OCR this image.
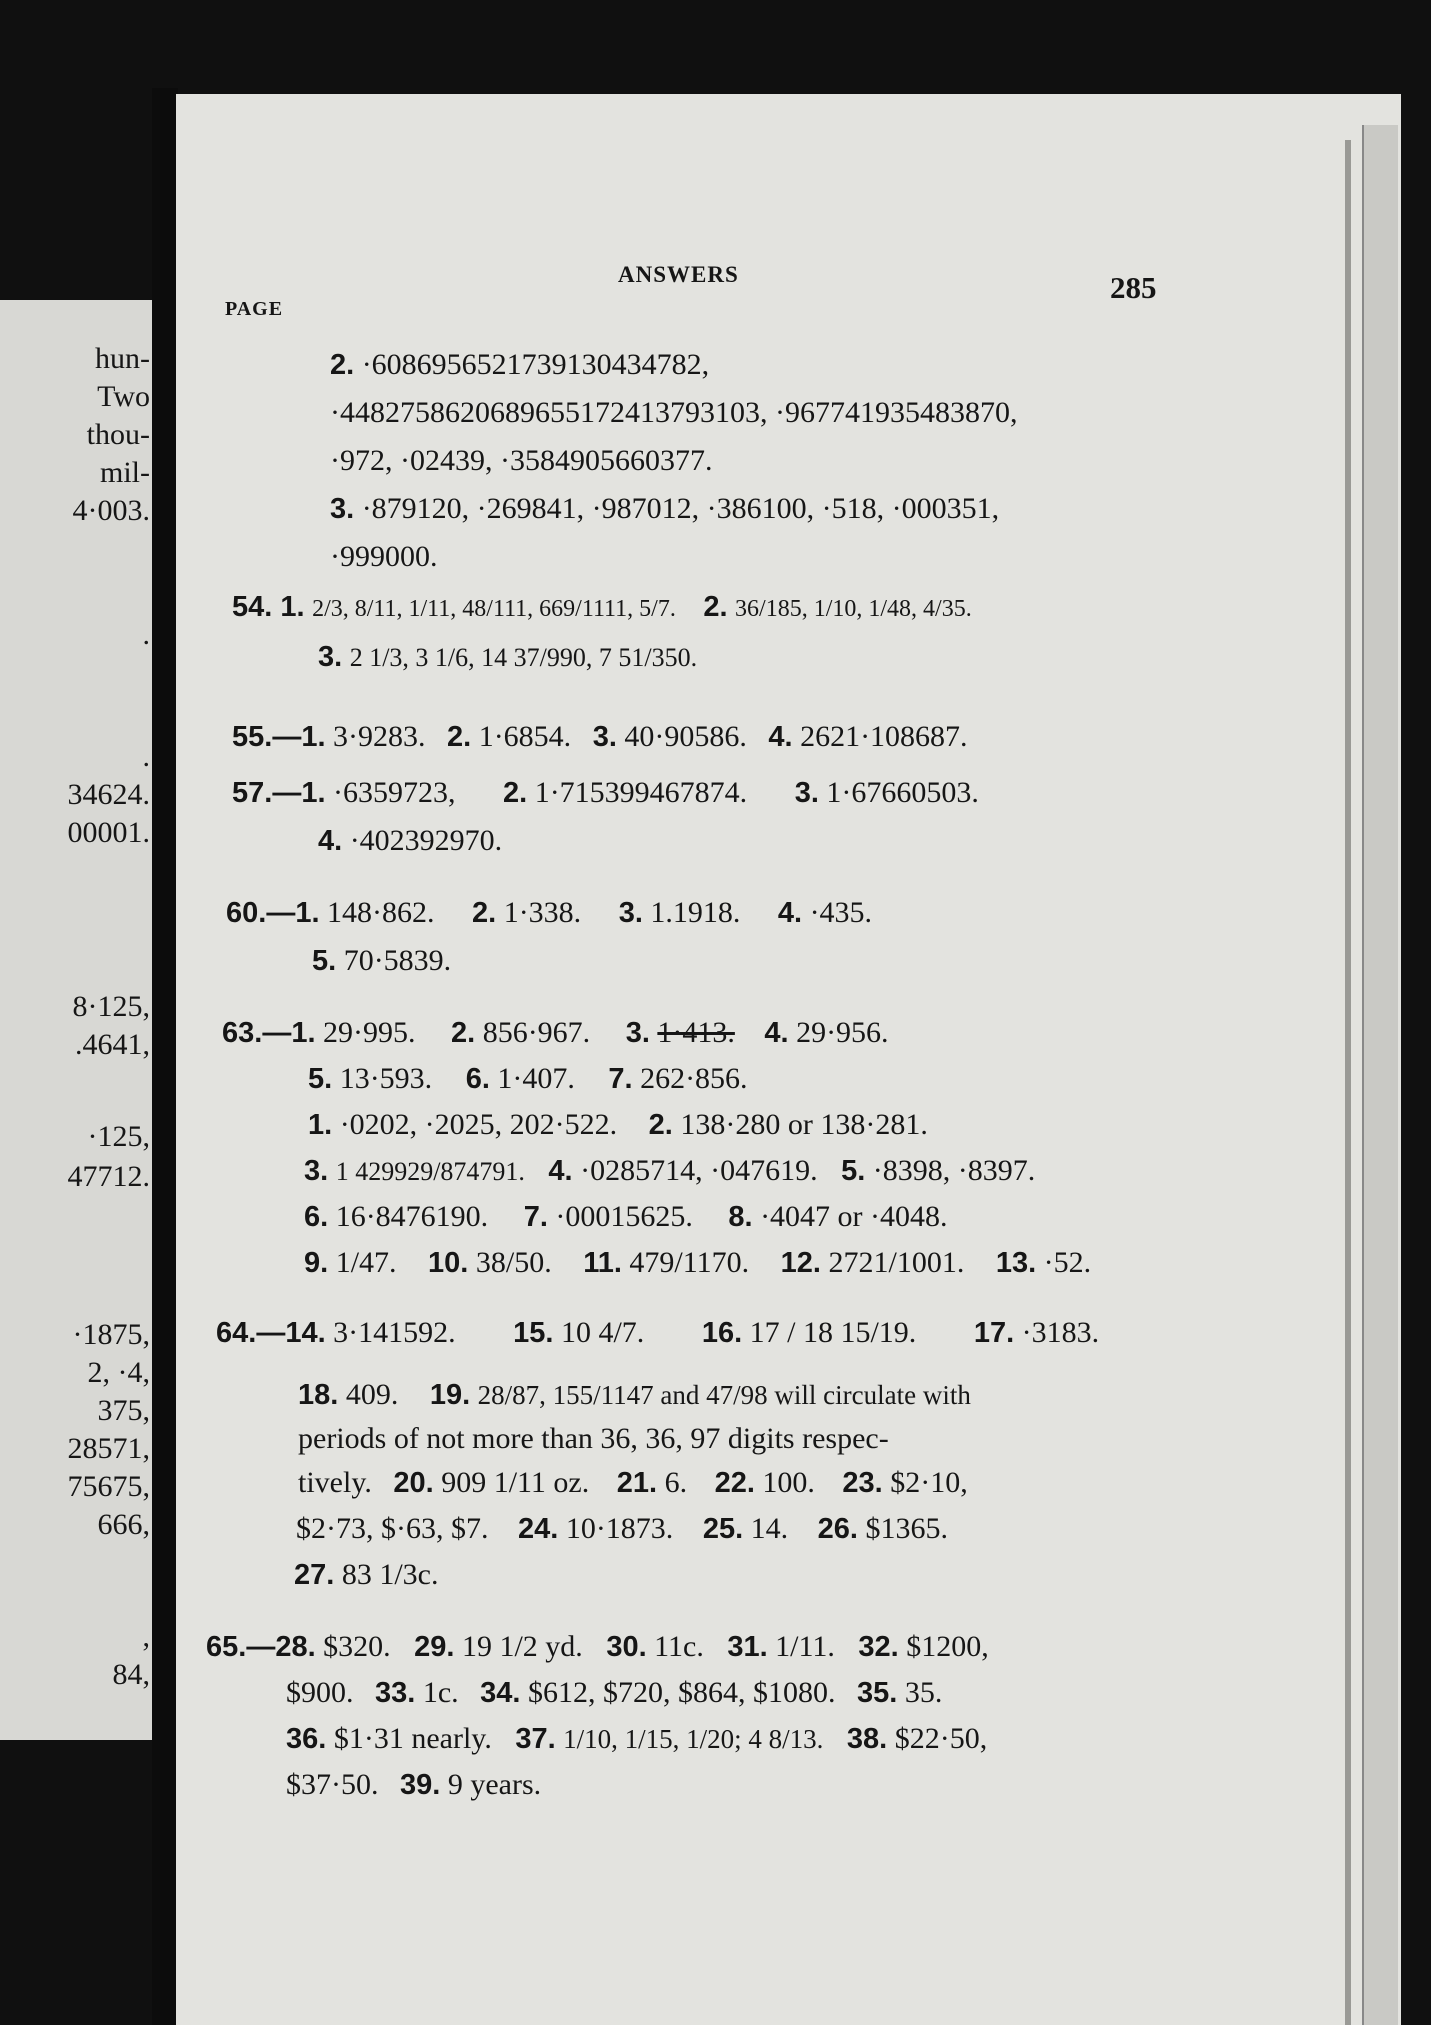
hun-
Two
thou-
mil-
4·003.
.
.
34624.
00001.
8·125,
.4641,
·125,
47712.
·1875,
2, ·4,
375,
28571,
75675,
666,
,
84,
ANSWERS
PAGE
285
2. ·6086956521739130434782,
·4482758620689655172413793103, ·967741935483870,
·972, ·02439, ·3584905660377.
3. ·879120, ·269841, ·987012, ·386100, ·518, ·000351,
·999000.
54. 1. 2/3, 8/11, 1/11, 48/111, 669/1111, 5/7. 2. 36/185, 1/10, 1/48, 4/35.
3. 2 1/3, 3 1/6, 14 37/990, 7 51/350.
55.—1. 3·9283. 2. 1·6854. 3. 40·90586. 4. 2621·108687.
57.—1. ·6359723, 2. 1·715399467874. 3. 1·67660503.
4. ·402392970.
60.—1. 148·862. 2. 1·338. 3. 1.1918. 4. ·435.
5. 70·5839.
63.—1. 29·995. 2. 856·967. 3. 1·413. 4. 29·956.
5. 13·593. 6. 1·407. 7. 262·856.
1. ·0202, ·2025, 202·522. 2. 138·280 or 138·281.
3. 1 429929/874791. 4. ·0285714, ·047619. 5. ·8398, ·8397.
6. 16·8476190. 7. ·00015625. 8. ·4047 or ·4048.
9. 1/47. 10. 38/50. 11. 479/1170. 12. 2721/1001. 13. ·52.
64.—14. 3·141592. 15. 10 4/7. 16. 17 / 18 15/19. 17. ·3183.
18. 409. 19. 28/87, 155/1147 and 47/98 will circulate with
periods of not more than 36, 36, 97 digits respec-
tively. 20. 909 1/11 oz. 21. 6. 22. 100. 23. $2·10,
$2·73, $·63, $7. 24. 10·1873. 25. 14. 26. $1365.
27. 83 1/3c.
65.—28. $320. 29. 19 1/2 yd. 30. 11c. 31. 1/11. 32. $1200,
$900. 33. 1c. 34. $612, $720, $864, $1080. 35. 35.
36. $1·31 nearly. 37. 1/10, 1/15, 1/20; 4 8/13. 38. $22·50,
$37·50. 39. 9 years.
